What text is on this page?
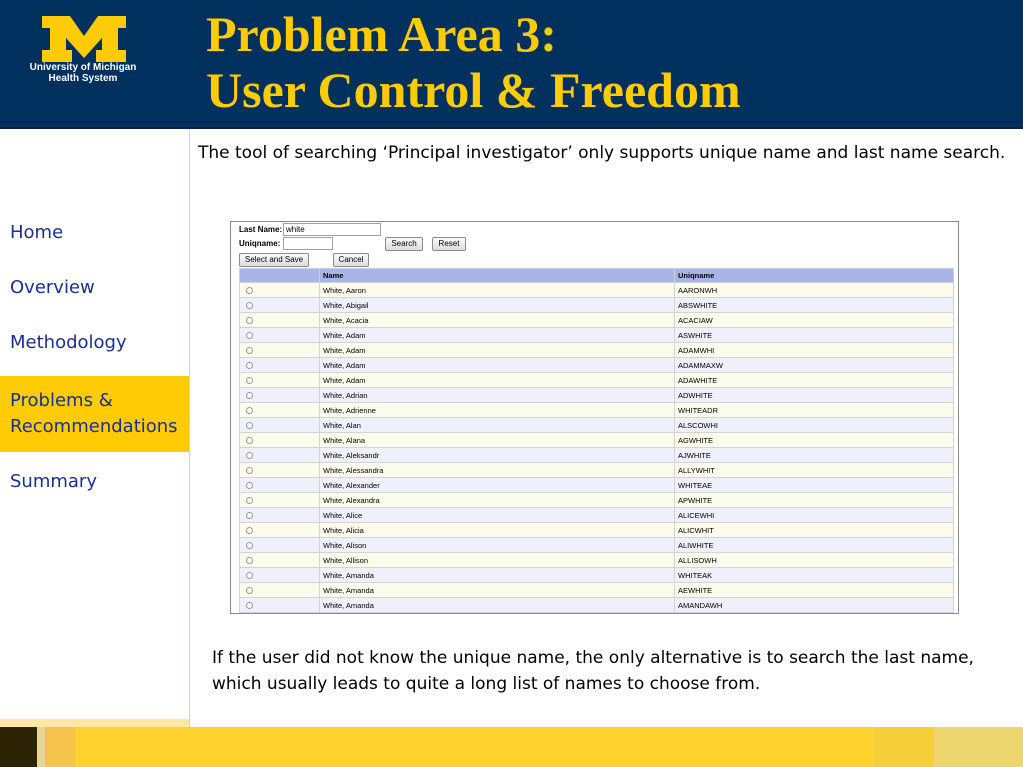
University of Michigan
Health System
Problem Area 3:
User Control & Freedom
Home
Overview
Methodology
Problems &
Recommendations
Summary
The tool of searching ‘Principal investigator’ only supports unique name and last name search.
Last Name: white
Uniqname:	Search	Reset
Select and Save	Cancel
	Name	Uniqname
	White, Aaron	AARONWH
	White, Abigail	ABSWHITE
	White, Acacia	ACACIAW
	White, Adam	ASWHITE
	White, Adam	ADAMWHI
	White, Adam	ADAMMAXW
	White, Adam	ADAWHITE
	White, Adrian	ADWHITE
	White, Adrienne	WHITEADR
	White, Alan	ALSCOWHI
	White, Alana	AGWHITE
	White, Aleksandr	AJWHITE
	White, Alessandra	ALLYWHIT
	White, Alexander	WHITEAE
	White, Alexandra	APWHITE
	White, Alice	ALICEWHI
	White, Alicia	ALICWHIT
	White, Alison	ALIWHITE
	White, Allison	ALLISOWH
	White, Amanda	WHITEAK
	White, Amanda	AEWHITE
	White, Amanda	AMANDAWH
If the user did not know the unique name, the only alternative is to search the last name, which usually leads to quite a long list of names to choose from.
